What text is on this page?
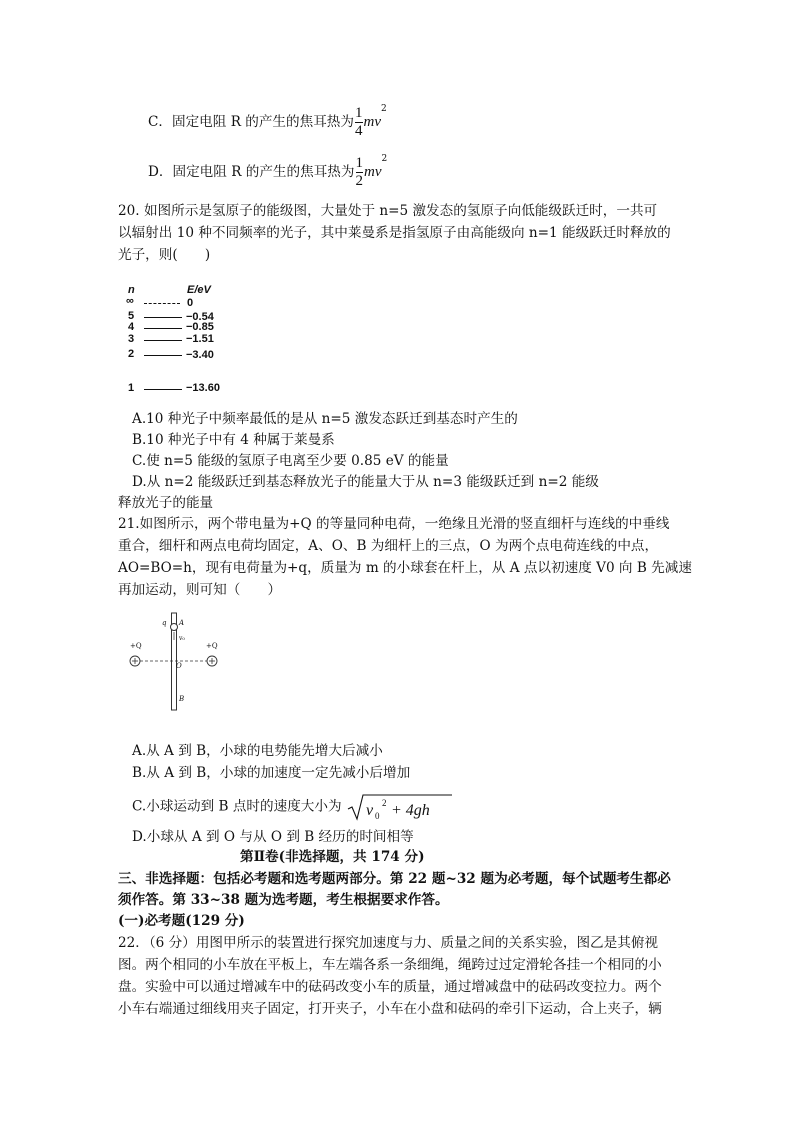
C．固定电阻 R 的产生的焦耳热为 $\frac{1}{4} mv^2$
D．固定电阻 R 的产生的焦耳热为 $\frac{1}{2} mv^2$
20. 如图所示是氢原子的能级图，大量处于 n=5 激发态的氢原子向低能级跃迁时，一共可
以辐射出 10 种不同频率的光子，其中莱曼系是指氢原子由高能级向 n=1 能级跃迁时释放的
光子，则(　　)
n	E/eV
∞	0
5	−0.54
4	−0.85
3	−1.51
2	−3.40
1	−13.60
A.10 种光子中频率最低的是从 n=5 激发态跃迁到基态时产生的
B.10 种光子中有 4 种属于莱曼系
C.使 n=5 能级的氢原子电离至少要 0.85 eV 的能量
D.从 n=2 能级跃迁到基态释放光子的能量大于从 n=3 能级跃迁到 n=2 能级
释放光子的能量
21.如图所示，两个带电量为+Q 的等量同种电荷，一绝缘且光滑的竖直细杆与连线的中垂线
重合，细杆和两点电荷均固定，A、O、B 为细杆上的三点，O 为两个点电荷连线的中点，
AO=BO=h，现有电荷量为+q，质量为 m 的小球套在杆上，从 A 点以初速度 V0 向 B 先减速
再加运动，则可知（　　）
q A
v₀
+Q	+Q
O
B
A.从 A 到 B，小球的电势能先增大后减小
B.从 A 到 B，小球的加速度一定先减小后增加
C.小球运动到 B 点时的速度大小为 v 0
2 + 4gh
D.小球从 A 到 O 与从 O 到 B 经历的时间相等
第Ⅱ卷(非选择题，共 174 分)
三、非选择题：包括必考题和选考题两部分。第 22 题~32 题为必考题，每个试题考生都必
须作答。第 33~38 题为选考题，考生根据要求作答。
(一)必考题(129 分)
22．（6 分）用图甲所示的装置进行探究加速度与力、质量之间的关系实验，图乙是其俯视
图。两个相同的小车放在平板上，车左端各系一条细绳，绳跨过过定滑轮各挂一个相同的小
盘。实验中可以通过增减车中的砝码改变小车的质量，通过增减盘中的砝码改变拉力。两个
小车右端通过细线用夹子固定，打开夹子，小车在小盘和砝码的牵引下运动，合上夹子，辆
